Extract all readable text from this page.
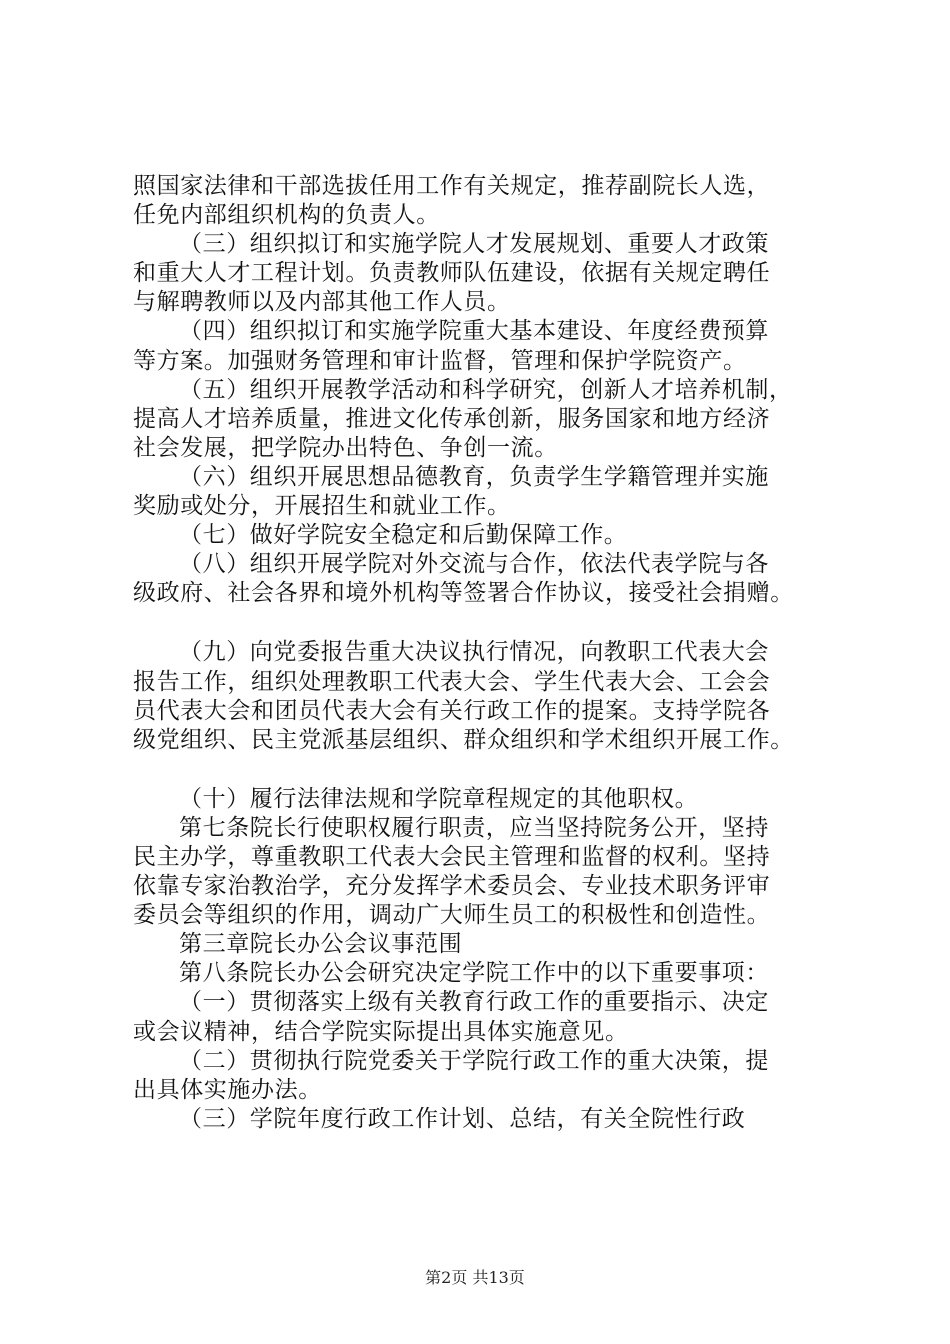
照国家法律和干部选拔任用工作有关规定，推荐副院长人选，
任免内部组织机构的负责人。
（三）组织拟订和实施学院人才发展规划、重要人才政策
和重大人才工程计划。负责教师队伍建设，依据有关规定聘任
与解聘教师以及内部其他工作人员。
（四）组织拟订和实施学院重大基本建设、年度经费预算
等方案。加强财务管理和审计监督，管理和保护学院资产。
（五）组织开展教学活动和科学研究，创新人才培养机制，
提高人才培养质量，推进文化传承创新，服务国家和地方经济
社会发展，把学院办出特色、争创一流。
（六）组织开展思想品德教育，负责学生学籍管理并实施
奖励或处分，开展招生和就业工作。
（七）做好学院安全稳定和后勤保障工作。
（八）组织开展学院对外交流与合作，依法代表学院与各
级政府、社会各界和境外机构等签署合作协议，接受社会捐赠。
（九）向党委报告重大决议执行情况，向教职工代表大会
报告工作，组织处理教职工代表大会、学生代表大会、工会会
员代表大会和团员代表大会有关行政工作的提案。支持学院各
级党组织、民主党派基层组织、群众组织和学术组织开展工作。
（十）履行法律法规和学院章程规定的其他职权。
第七条院长行使职权履行职责，应当坚持院务公开，坚持
民主办学，尊重教职工代表大会民主管理和监督的权利。坚持
依靠专家治教治学，充分发挥学术委员会、专业技术职务评审
委员会等组织的作用，调动广大师生员工的积极性和创造性。
第三章院长办公会议事范围
第八条院长办公会研究决定学院工作中的以下重要事项：
（一）贯彻落实上级有关教育行政工作的重要指示、决定
或会议精神，结合学院实际提出具体实施意见。
（二）贯彻执行院党委关于学院行政工作的重大决策，提
出具体实施办法。
（三）学院年度行政工作计划、总结，有关全院性行政
第2页 共13页
